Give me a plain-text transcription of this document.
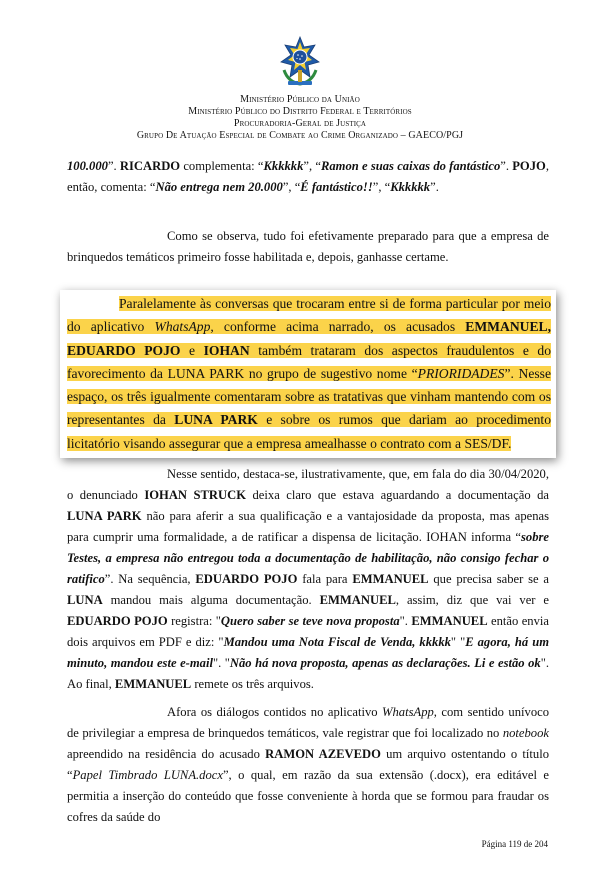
Ministério Público da União
Ministério Público do Distrito Federal e Territórios
Procuradoria-Geral de Justiça
Grupo De Atuação Especial de Combate ao Crime Organizado – GAECO/PGJ
100.000”. RICARDO complementa: “Kkkkkk”, “Ramon e suas caixas do fantástico”. POJO, então, comenta: “Não entrega nem 20.000”, “É fantástico!!”, “Kkkkkk”.
Como se observa, tudo foi efetivamente preparado para que a empresa de brinquedos temáticos primeiro fosse habilitada e, depois, ganhasse certame.
Paralelamente às conversas que trocaram entre si de forma particular por meio do aplicativo WhatsApp, conforme acima narrado, os acusados EMMANUEL, EDUARDO POJO e IOHAN também trataram dos aspectos fraudulentos e do favorecimento da LUNA PARK no grupo de sugestivo nome “PRIORIDADES”. Nesse espaço, os três igualmente comentaram sobre as tratativas que vinham mantendo com os representantes da LUNA PARK e sobre os rumos que dariam ao procedimento licitatório visando assegurar que a empresa amealhasse o contrato com a SES/DF.
Nesse sentido, destaca-se, ilustrativamente, que, em fala do dia 30/04/2020, o denunciado IOHAN STRUCK deixa claro que estava aguardando a documentação da LUNA PARK não para aferir a sua qualificação e a vantajosidade da proposta, mas apenas para cumprir uma formalidade, a de ratificar a dispensa de licitação. IOHAN informa “sobre Testes, a empresa não entregou toda a documentação de habilitação, não consigo fechar o ratifico”. Na sequência, EDUARDO POJO fala para EMMANUEL que precisa saber se a LUNA mandou mais alguma documentação. EMMANUEL, assim, diz que vai ver e EDUARDO POJO registra: "Quero saber se teve nova proposta". EMMANUEL então envia dois arquivos em PDF e diz: "Mandou uma Nota Fiscal de Venda, kkkkk" "E agora, há um minuto, mandou este e-mail". "Não há nova proposta, apenas as declarações. Li e estão ok". Ao final, EMMANUEL remete os três arquivos.
Afora os diálogos contidos no aplicativo WhatsApp, com sentido unívoco de privilegiar a empresa de brinquedos temáticos, vale registrar que foi localizado no notebook apreendido na residência do acusado RAMON AZEVEDO um arquivo ostentando o título “Papel Timbrado LUNA.docx”, o qual, em razão da sua extensão (.docx), era editável e permitia a inserção do conteúdo que fosse conveniente à horda que se formou para fraudar os cofres da saúde do
Página 119 de 204
